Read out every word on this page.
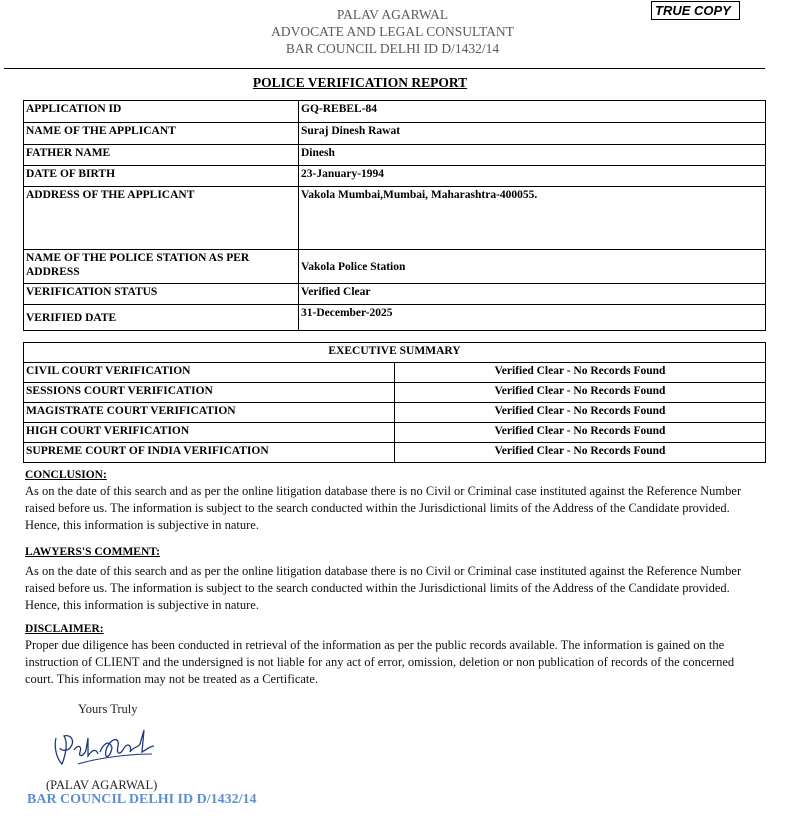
PALAV AGARWAL
ADVOCATE AND LEGAL CONSULTANT
BAR COUNCIL DELHI ID D/1432/14
TRUE COPY
POLICE VERIFICATION REPORT
APPLICATION ID	GQ-REBEL-84
NAME OF THE APPLICANT	Suraj Dinesh Rawat
FATHER NAME	Dinesh
DATE OF BIRTH	23-January-1994
ADDRESS OF THE APPLICANT	Vakola Mumbai,Mumbai, Maharashtra-400055.
NAME OF THE POLICE STATION AS PER ADDRESS	Vakola Police Station
VERIFICATION STATUS	Verified Clear
VERIFIED DATE	31-December-2025
EXECUTIVE SUMMARY	
CIVIL COURT VERIFICATION	Verified Clear - No Records Found
SESSIONS COURT VERIFICATION	Verified Clear - No Records Found
MAGISTRATE COURT VERIFICATION	Verified Clear - No Records Found
HIGH COURT VERIFICATION	Verified Clear - No Records Found
SUPREME COURT OF INDIA VERIFICATION	Verified Clear - No Records Found
CONCLUSION:
As on the date of this search and as per the online litigation database there is no Civil or Criminal case instituted against the Reference Number raised before us. The information is subject to the search conducted within the Jurisdictional limits of the Address of the Candidate provided. Hence, this information is subjective in nature.
LAWYERS'S COMMENT:
As on the date of this search and as per the online litigation database there is no Civil or Criminal case instituted against the Reference Number raised before us. The information is subject to the search conducted within the Jurisdictional limits of the Address of the Candidate provided. Hence, this information is subjective in nature.
DISCLAIMER:
Proper due diligence has been conducted in retrieval of the information as per the public records available. The information is gained on the instruction of CLIENT and the undersigned is not liable for any act of error, omission, deletion or non publication of records of the concerned court. This information may not be treated as a Certificate.
Yours Truly
(PALAV AGARWAL)
BAR COUNCIL DELHI ID D/1432/14
